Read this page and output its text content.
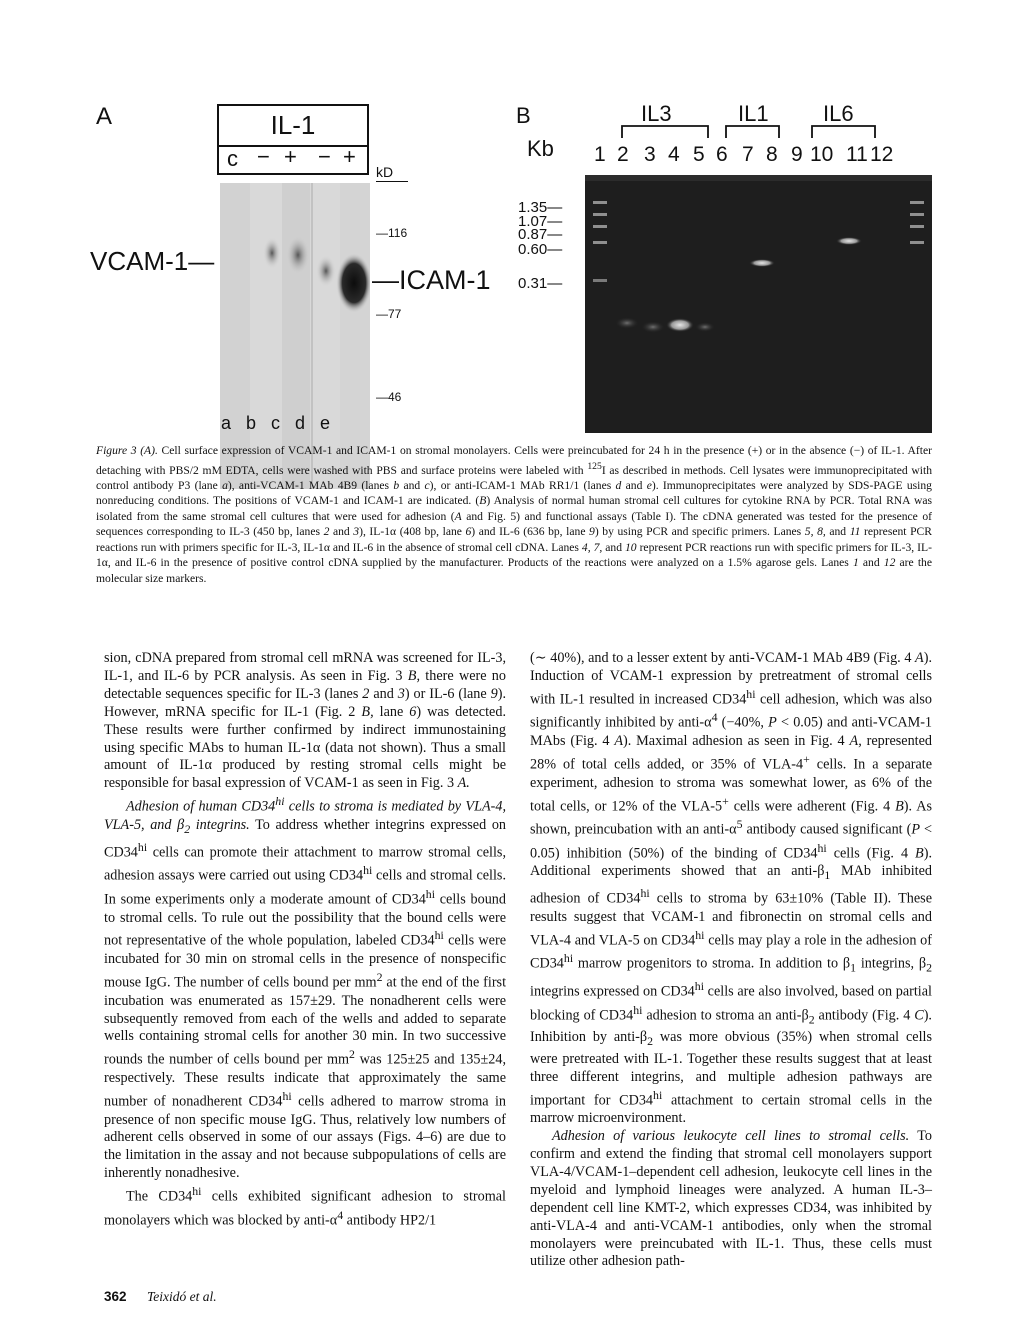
A	IL-1
c − + − +
kD
—116
—77
—46
VCAM-1—
—ICAM-1
a b c d e
B	IL3	IL1 IL6
Kb 1 2 3 4 5 6 7 8 9 10 11 12
1.35—
1.07—
0.87—
0.60—
0.31—
Figure 3 (A). Cell surface expression of VCAM-1 and ICAM-1 on stromal monolayers. Cells were preincubated for 24 h in the presence (+) or in the absence (−) of IL-1. After detaching with PBS/2 mM EDTA, cells were washed with PBS and surface proteins were labeled with $^{125}$I as described in methods. Cell lysates were immunoprecipitated with control antibody P3 (lane a), anti-VCAM-1 MAb 4B9 (lanes b and c), or anti-ICAM-1 MAb RR1/1 (lanes d and e). Immunoprecipitates were analyzed by SDS-PAGE using nonreducing conditions. The positions of VCAM-1 and ICAM-1 are indicated. (B) Analysis of normal human stromal cell cultures for cytokine RNA by PCR. Total RNA was isolated from the same stromal cell cultures that were used for adhesion (A and Fig. 5) and functional assays (Table I). The cDNA generated was tested for the presence of sequences corresponding to IL-3 (450 bp, lanes 2 and 3), IL-1α (408 bp, lane 6) and IL-6 (636 bp, lane 9) by using PCR and specific primers. Lanes 5, 8, and 11 represent PCR reactions run with primers specific for IL-3, IL-1α and IL-6 in the absence of stromal cell cDNA. Lanes 4, 7, and 10 represent PCR reactions run with specific primers for IL-3, IL-1α, and IL-6 in the presence of positive control cDNA supplied by the manufacturer. Products of the reactions were analyzed on a 1.5% agarose gels. Lanes 1 and 12 are the molecular size markers.

sion, cDNA prepared from stromal cell mRNA was screened for IL-3, IL-1, and IL-6 by PCR analysis. As seen in Fig. 3 B, there were no detectable sequences specific for IL-3 (lanes 2 and 3) or IL-6 (lane 9). However, mRNA specific for IL-1 (Fig. 2 B, lane 6) was detected. These results were further confirmed by indirect immunostaining using specific MAbs to human IL-1α (data not shown). Thus a small amount of IL-1α produced by resting stromal cells might be responsible for basal expression of VCAM-1 as seen in Fig. 3 A.

Adhesion of human $CD34^{hi}$ cells to stroma is mediated by VLA-4, VLA-5, and $\beta_2$ integrins. To address whether integrins expressed on $CD34^{hi}$ cells can promote their attachment to marrow stromal cells, adhesion assays were carried out using $CD34^{hi}$ cells and stromal cells. In some experiments only a moderate amount of $CD34^{hi}$ cells bound to stromal cells. To rule out the possibility that the bound cells were not representative of the whole population, labeled $CD34^{hi}$ cells were incubated for 30 min on stromal cells in the presence of nonspecific mouse IgG. The number of cells bound per $mm^2$ at the end of the first incubation was enumerated as 157±29. The nonadherent cells were subsequently removed from each of the wells and added to separate wells containing stromal cells for another 30 min. In two successive rounds the number of cells bound per $mm^2$ was 125±25 and 135±24, respectively. These results indicate that approximately the same number of nonadherent $CD34^{hi}$ cells adhered to marrow stroma in presence of non specific mouse IgG. Thus, relatively low numbers of adherent cells observed in some of our assays (Figs. 4–6) are due to the limitation in the assay and not because subpopulations of cells are inherently nonadhesive.

The $CD34^{hi}$ cells exhibited significant adhesion to stromal monolayers which was blocked by anti-$\alpha^4$ antibody HP2/1

(∼ 40%), and to a lesser extent by anti-VCAM-1 MAb 4B9 (Fig. 4 A). Induction of VCAM-1 expression by pretreatment of stromal cells with IL-1 resulted in increased $CD34^{hi}$ cell adhesion, which was also significantly inhibited by anti-$\alpha^4$ (−40%, P < 0.05) and anti-VCAM-1 MAbs (Fig. 4 A). Maximal adhesion as seen in Fig. 4 A, represented 28% of total cells added, or 35% of VLA-4+ cells. In a separate experiment, adhesion to stroma was somewhat lower, as 6% of the total cells, or 12% of the VLA-5+ cells were adherent (Fig. 4 B). As shown, preincubation with an anti-$\alpha^5$ antibody caused significant (P < 0.05) inhibition (50%) of the binding of $CD34^{hi}$ cells (Fig. 4 B). Additional experiments showed that an anti-$\beta_1$ MAb inhibited adhesion of $CD34^{hi}$ cells to stroma by 63±10% (Table II). These results suggest that VCAM-1 and fibronectin on stromal cells and VLA-4 and VLA-5 on $CD34^{hi}$ cells may play a role in the adhesion of $CD34^{hi}$ marrow progenitors to stroma. In addition to $\beta_1$ integrins, $\beta_2$ integrins expressed on $CD34^{hi}$ cells are also involved, based on partial blocking of $CD34^{hi}$ adhesion to stroma an anti-$\beta_2$ antibody (Fig. 4 C). Inhibition by anti-$\beta_2$ was more obvious (35%) when stromal cells were pretreated with IL-1. Together these results suggest that at least three different integrins, and multiple adhesion pathways are important for $CD34^{hi}$ attachment to certain stromal cells in the marrow microenvironment.

Adhesion of various leukocyte cell lines to stromal cells. To confirm and extend the finding that stromal cell monolayers support VLA-4/VCAM-1–dependent cell adhesion, leukocyte cell lines in the myeloid and lymphoid lineages were analyzed. A human IL-3–dependent cell line KMT-2, which expresses CD34, was inhibited by anti-VLA-4 and anti-VCAM-1 antibodies, only when the stromal monolayers were preincubated with IL-1. Thus, these cells must utilize other adhesion path-

362 Teixidó et al.
